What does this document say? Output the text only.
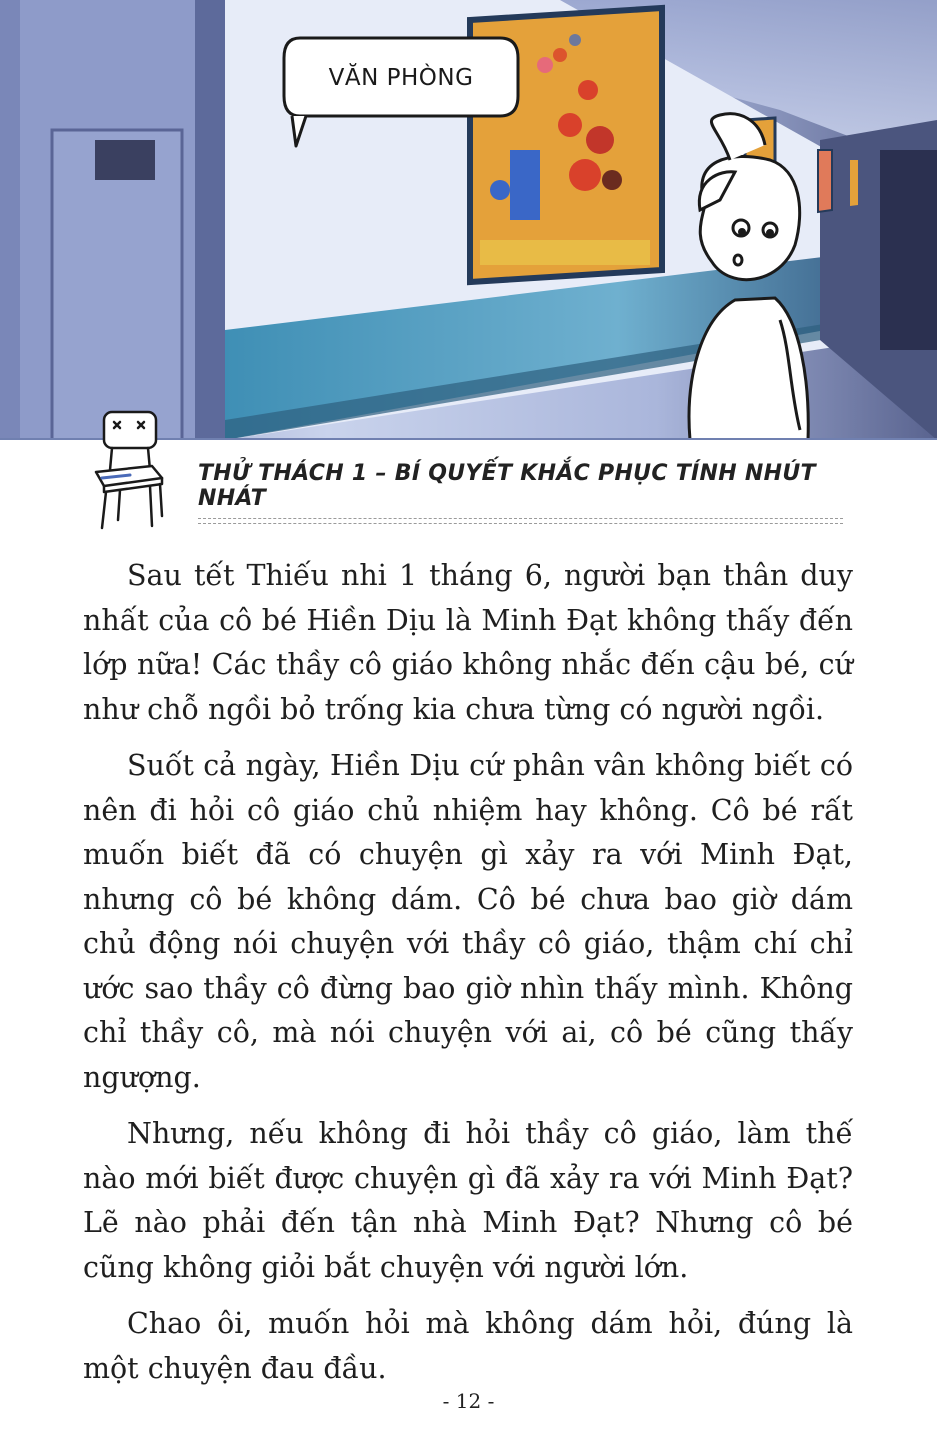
VĂN PHÒNG
THỬ THÁCH 1 – BÍ QUYẾT KHẮC PHỤC TÍNH NHÚT NHÁT

Sau tết Thiếu nhi 1 tháng 6, người bạn thân duy nhất của cô bé Hiền Dịu là Minh Đạt không thấy đến lớp nữa! Các thầy cô giáo không nhắc đến cậu bé, cứ như chỗ ngồi bỏ trống kia chưa từng có người ngồi.

Suốt cả ngày, Hiền Dịu cứ phân vân không biết có nên đi hỏi cô giáo chủ nhiệm hay không. Cô bé rất muốn biết đã có chuyện gì xảy ra với Minh Đạt, nhưng cô bé không dám. Cô bé chưa bao giờ dám chủ động nói chuyện với thầy cô giáo, thậm chí chỉ ước sao thầy cô đừng bao giờ nhìn thấy mình. Không chỉ thầy cô, mà nói chuyện với ai, cô bé cũng thấy ngượng.

Nhưng, nếu không đi hỏi thầy cô giáo, làm thế nào mới biết được chuyện gì đã xảy ra với Minh Đạt? Lẽ nào phải đến tận nhà Minh Đạt? Nhưng cô bé cũng không giỏi bắt chuyện với người lớn.

Chao ôi, muốn hỏi mà không dám hỏi, đúng là một chuyện đau đầu.

- 12 -
